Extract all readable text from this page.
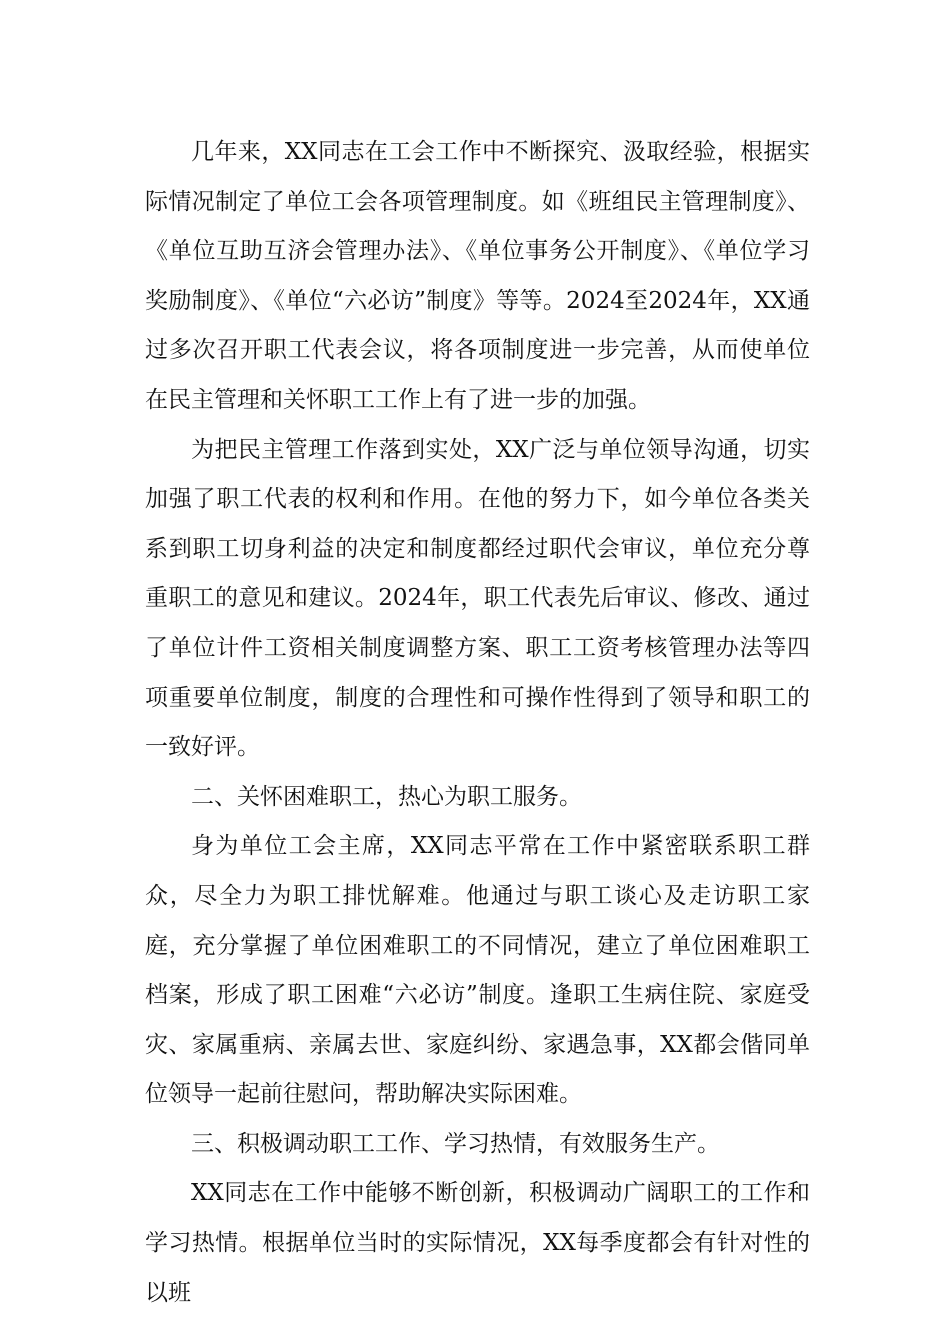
几年来，XX同志在工会工作中不断探究、汲取经验，根据实际情况制定了单位工会各项管理制度。如《班组民主管理制度》、《单位互助互济会管理办法》、《单位事务公开制度》、《单位学习奖励制度》、《单位“六必访”制度》等等。2024至2024年，XX通过多次召开职工代表会议，将各项制度进一步完善，从而使单位在民主管理和关怀职工工作上有了进一步的加强。

为把民主管理工作落到实处，XX广泛与单位领导沟通，切实加强了职工代表的权利和作用。在他的努力下，如今单位各类关系到职工切身利益的决定和制度都经过职代会审议，单位充分尊重职工的意见和建议。2024年，职工代表先后审议、修改、通过了单位计件工资相关制度调整方案、职工工资考核管理办法等四项重要单位制度，制度的合理性和可操作性得到了领导和职工的一致好评。

二、关怀困难职工，热心为职工服务。

身为单位工会主席，XX同志平常在工作中紧密联系职工群众，尽全力为职工排忧解难。他通过与职工谈心及走访职工家庭，充分掌握了单位困难职工的不同情况，建立了单位困难职工档案，形成了职工困难“六必访”制度。逢职工生病住院、家庭受灾、家属重病、亲属去世、家庭纠纷、家遇急事，XX都会偕同单位领导一起前往慰问，帮助解决实际困难。

三、积极调动职工工作、学习热情，有效服务生产。

XX同志在工作中能够不断创新，积极调动广阔职工的工作和学习热情。根据单位当时的实际情况，XX每季度都会有针对性的以班
